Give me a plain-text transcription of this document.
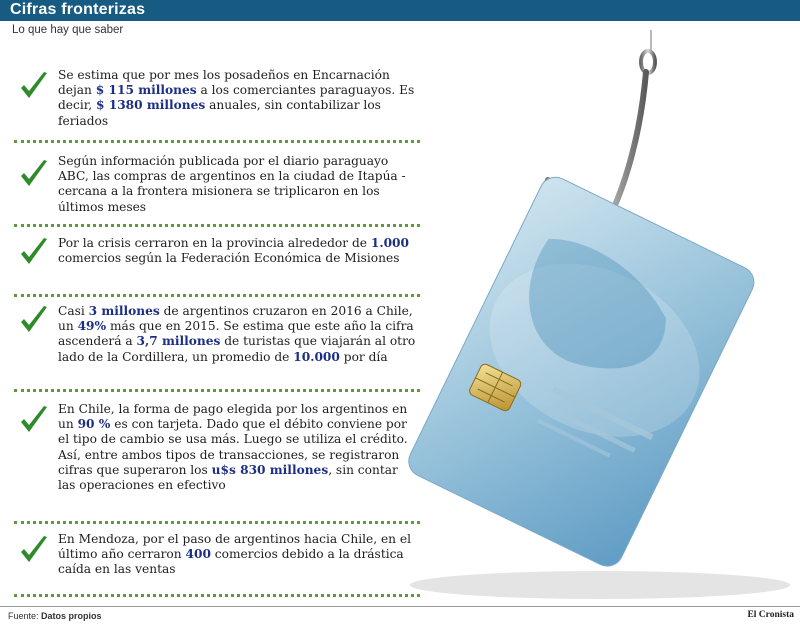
Cifras fronterizas
Lo que hay que saber
Se estima que por mes los posadeños en Encarnación dejan $ 115 millones a los comerciantes paraguayos. Es decir, $ 1380 millones anuales, sin contabilizar los feriados
Según información publicada por el diario paraguayo ABC, las compras de argentinos en la ciudad de Itapúa -cercana a la frontera misionera se triplicaron en los últimos meses
Por la crisis cerraron en la provincia alrededor de 1.000 comercios según la Federación Económica de Misiones
Casi 3 millones de argentinos cruzaron en 2016 a Chile, un 49% más que en 2015. Se estima que este año la cifra ascenderá a 3,7 millones de turistas que viajarán al otro lado de la Cordillera, un promedio de 10.000 por día
En Chile, la forma de pago elegida por los argentinos en un 90 % es con tarjeta. Dado que el débito conviene por el tipo de cambio se usa más. Luego se utiliza el crédito. Así, entre ambos tipos de transacciones, se registraron cifras que superaron los u$s 830 millones, sin contar las operaciones en efectivo
En Mendoza, por el paso de argentinos hacia Chile, en el último año cerraron 400 comercios debido a la drástica caída en las ventas
Fuente: Datos propios	El Cronista
